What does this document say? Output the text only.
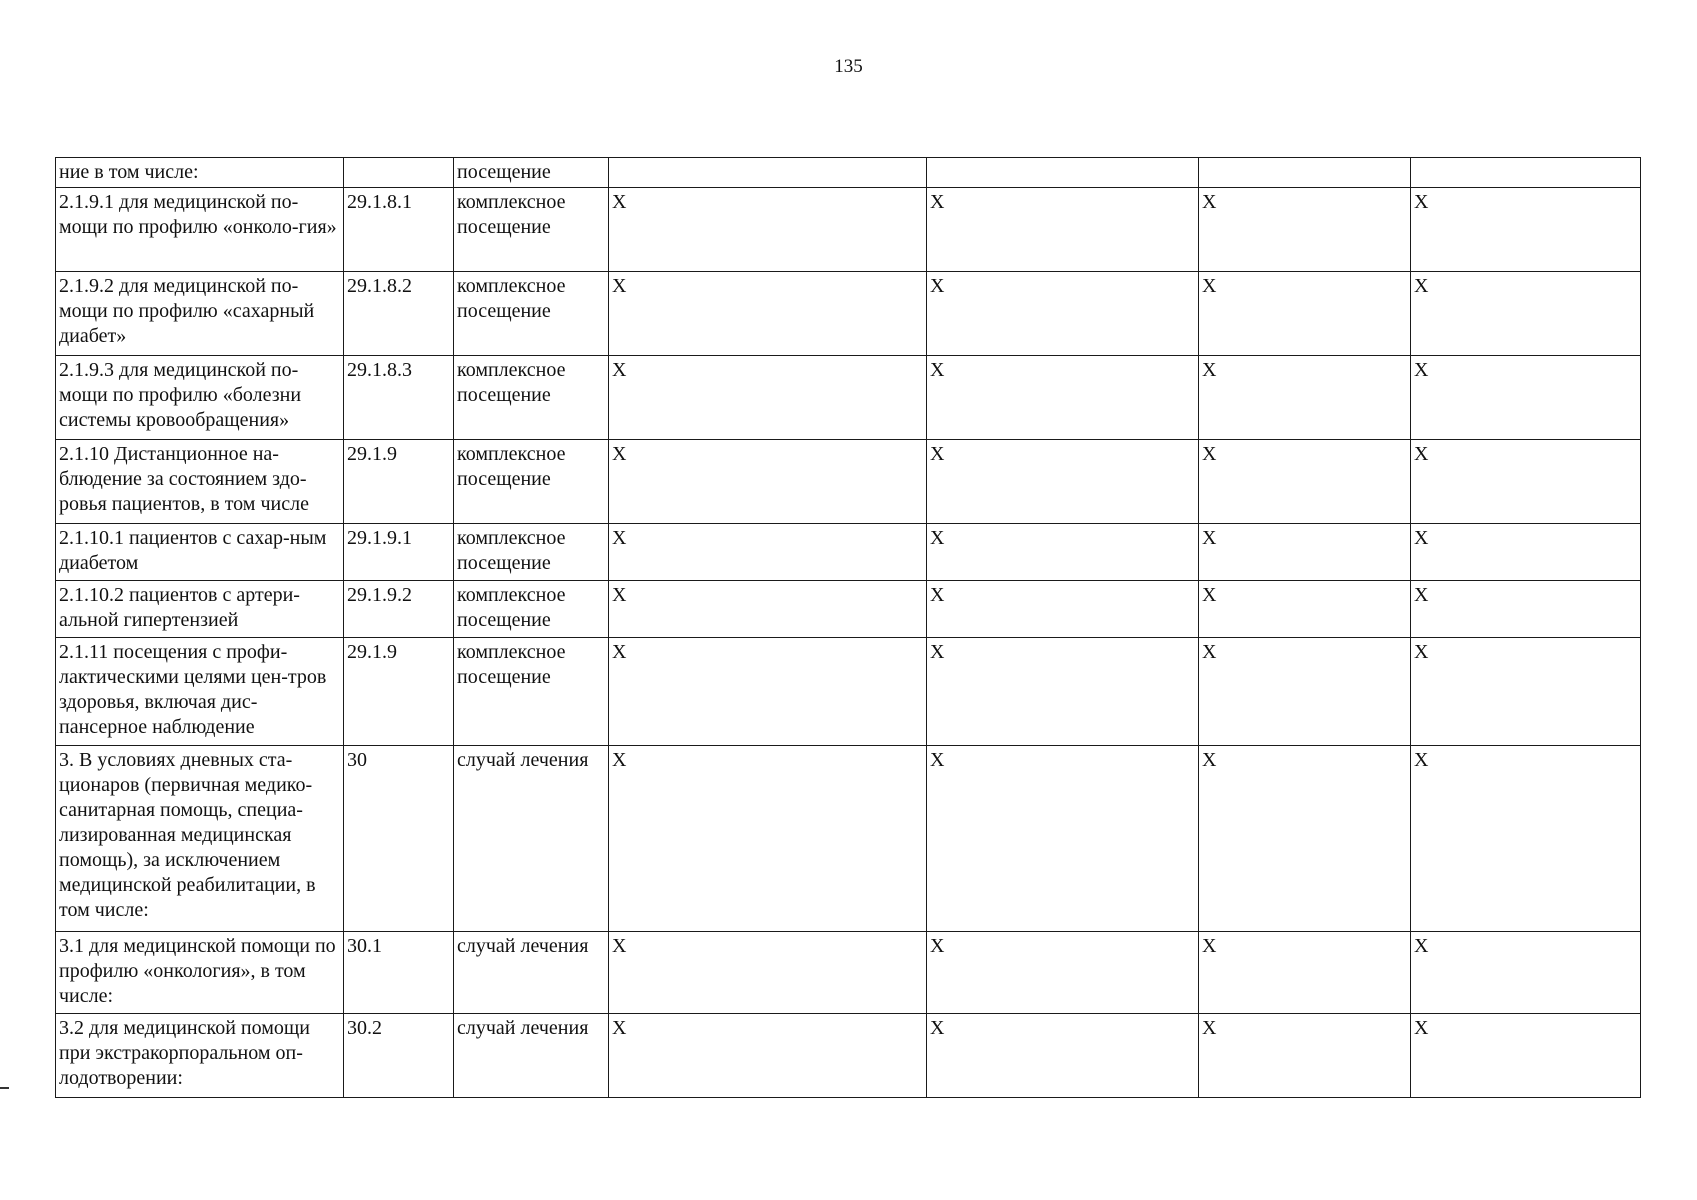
135
ние в том числе:		посещение				
2.1.9.1 для медицинской по-мощи по профилю «онколо-гия»	29.1.8.1	комплексное посещение	X	X	X	X
2.1.9.2 для медицинской по-мощи по профилю «сахарный диабет»	29.1.8.2	комплексное посещение	X	X	X	X
2.1.9.3 для медицинской по-мощи по профилю «болезни системы кровообращения»	29.1.8.3	комплексное посещение	X	X	X	X
2.1.10 Дистанционное на-блюдение за состоянием здо-ровья пациентов, в том числе	29.1.9	комплексное посещение	X	X	X	X
2.1.10.1 пациентов с сахар-ным диабетом	29.1.9.1	комплексное посещение	X	X	X	X
2.1.10.2 пациентов с артери-альной гипертензией	29.1.9.2	комплексное посещение	X	X	X	X
2.1.11 посещения с профи-лактическими целями цен-тров здоровья, включая дис-пансерное наблюдение	29.1.9	комплексное посещение	X	X	X	X
3. В условиях дневных ста-ционаров (первичная медико-санитарная помощь, специа-лизированная медицинская помощь), за исключением медицинской реабилитации, в том числе:	30	случай лечения	X	X	X	X
3.1 для медицинской помощи по профилю «онкология», в том числе:	30.1	случай лечения	X	X	X	X
3.2 для медицинской помощи при экстракорпоральном оп-лодотворении:	30.2	случай лечения	X	X	X	X
